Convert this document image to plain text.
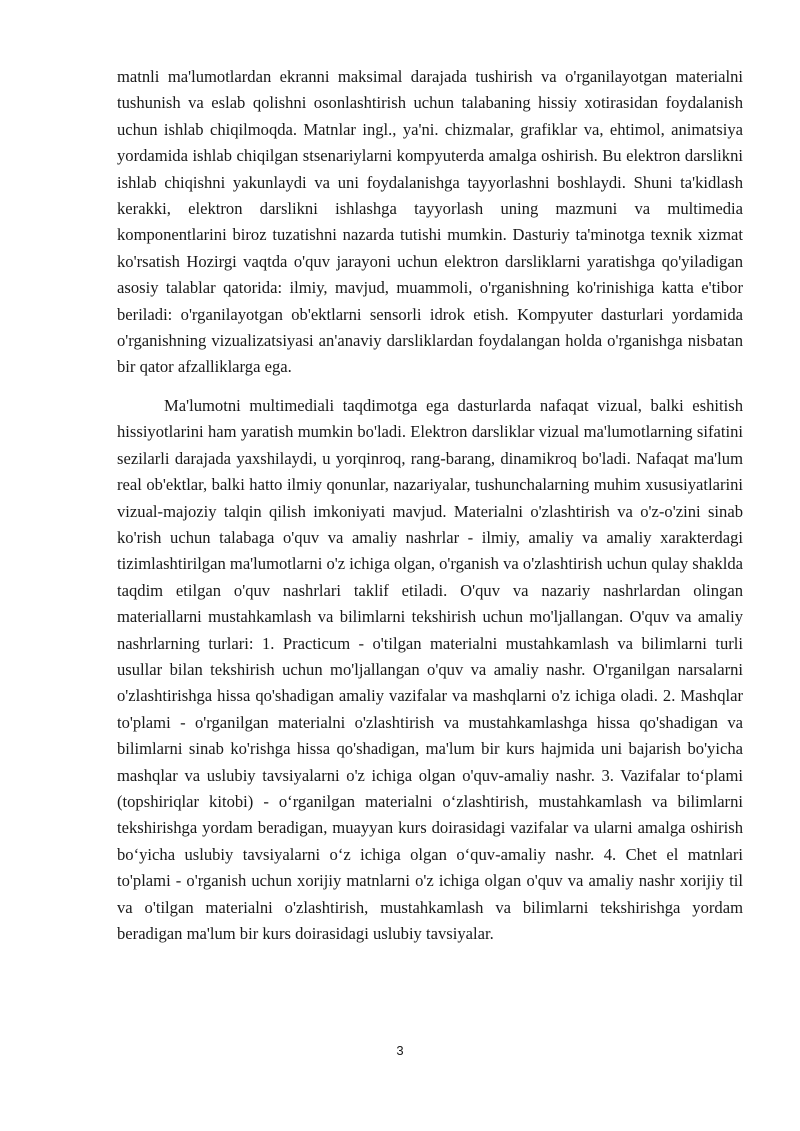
matnli ma'lumotlardan ekranni maksimal darajada tushirish va o'rganilayotgan materialni tushunish va eslab qolishni osonlashtirish uchun talabaning hissiy xotirasidan foydalanish uchun ishlab chiqilmoqda. Matnlar ingl., ya'ni. chizmalar, grafiklar va, ehtimol, animatsiya yordamida ishlab chiqilgan stsenariylarni kompyuterda amalga oshirish. Bu elektron darslikni ishlab chiqishni yakunlaydi va uni foydalanishga tayyorlashni boshlaydi. Shuni ta'kidlash kerakki, elektron darslikni ishlashga tayyorlash uning mazmuni va multimedia komponentlarini biroz tuzatishni nazarda tutishi mumkin. Dasturiy ta'minotga texnik xizmat ko'rsatish Hozirgi vaqtda o'quv jarayoni uchun elektron darsliklarni yaratishga qo'yiladigan asosiy talablar qatorida: ilmiy, mavjud, muammoli, o'rganishning ko'rinishiga katta e'tibor beriladi: o'rganilayotgan ob'ektlarni sensorli idrok etish. Kompyuter dasturlari yordamida o'rganishning vizualizatsiyasi an'anaviy darsliklardan foydalangan holda o'rganishga nisbatan bir qator afzalliklarga ega.

Ma'lumotni multimediali taqdimotga ega dasturlarda nafaqat vizual, balki eshitish hissiyotlarini ham yaratish mumkin bo'ladi. Elektron darsliklar vizual ma'lumotlarning sifatini sezilarli darajada yaxshilaydi, u yorqinroq, rang-barang, dinamikroq bo'ladi. Nafaqat ma'lum real ob'ektlar, balki hatto ilmiy qonunlar, nazariyalar, tushunchalarning muhim xususiyatlarini vizual-majoziy talqin qilish imkoniyati mavjud. Materialni o'zlashtirish va o'z-o'zini sinab ko'rish uchun talabaga o'quv va amaliy nashrlar - ilmiy, amaliy va amaliy xarakterdagi tizimlashtirilgan ma'lumotlarni o'z ichiga olgan, o'rganish va o'zlashtirish uchun qulay shaklda taqdim etilgan o'quv nashrlari taklif etiladi. O'quv va nazariy nashrlardan olingan materiallarni mustahkamlash va bilimlarni tekshirish uchun mo'ljallangan. O'quv va amaliy nashrlarning turlari: 1. Practicum - o'tilgan materialni mustahkamlash va bilimlarni turli usullar bilan tekshirish uchun mo'ljallangan o'quv va amaliy nashr. O'rganilgan narsalarni o'zlashtirishga hissa qo'shadigan amaliy vazifalar va mashqlarni o'z ichiga oladi. 2. Mashqlar to'plami - o'rganilgan materialni o'zlashtirish va mustahkamlashga hissa qo'shadigan va bilimlarni sinab ko'rishga hissa qo'shadigan, ma'lum bir kurs hajmida uni bajarish bo'yicha mashqlar va uslubiy tavsiyalarni o'z ichiga olgan o'quv-amaliy nashr. 3. Vazifalar to‘plami (topshiriqlar kitobi) - o‘rganilgan materialni o‘zlashtirish, mustahkamlash va bilimlarni tekshirishga yordam beradigan, muayyan kurs doirasidagi vazifalar va ularni amalga oshirish bo‘yicha uslubiy tavsiyalarni o‘z ichiga olgan o‘quv-amaliy nashr. 4. Chet el matnlari to'plami - o'rganish uchun xorijiy matnlarni o'z ichiga olgan o'quv va amaliy nashr xorijiy til va o'tilgan materialni o'zlashtirish, mustahkamlash va bilimlarni tekshirishga yordam beradigan ma'lum bir kurs doirasidagi uslubiy tavsiyalar.

3
